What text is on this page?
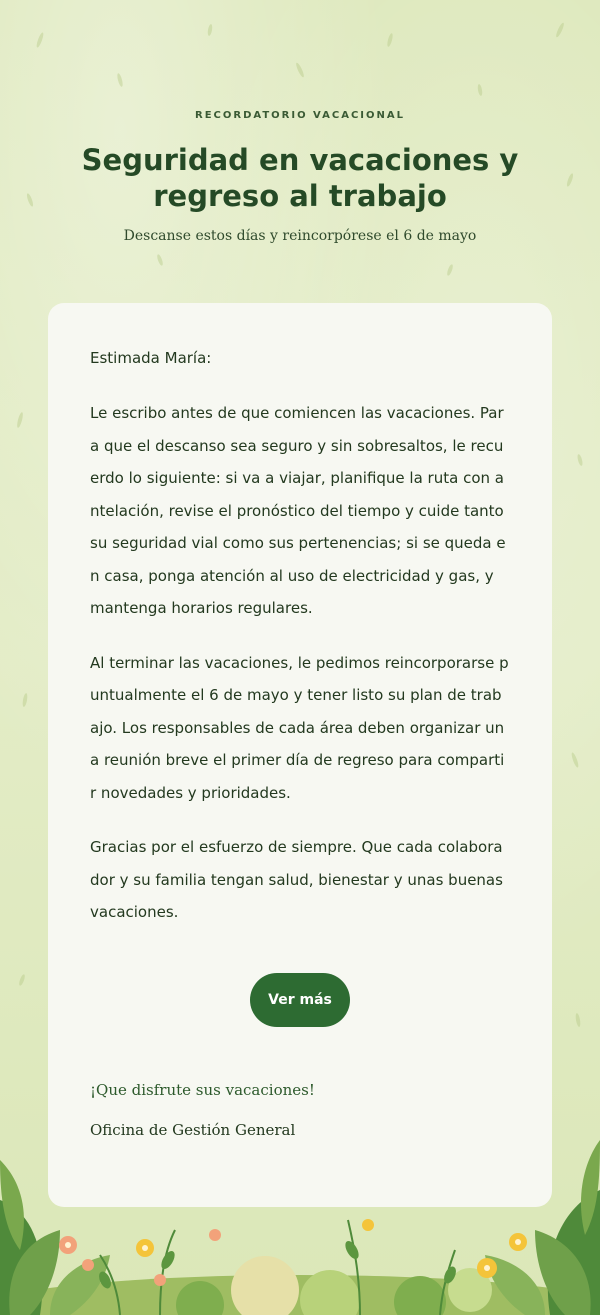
RECORDATORIO VACACIONAL
Seguridad en vacaciones y regreso al trabajo
Descanse estos días y reincorpórese el 6 de mayo
Estimada María:

Le escribo antes de que comiencen las vacaciones. Para que el descanso sea seguro y sin sobresaltos, le recuerdo lo siguiente: si va a viajar, planifique la ruta con antelación, revise el pronóstico del tiempo y cuide tanto su seguridad vial como sus pertenencias; si se queda en casa, ponga atención al uso de electricidad y gas, y mantenga horarios regulares.

Al terminar las vacaciones, le pedimos reincorporarse puntualmente el 6 de mayo y tener listo su plan de trabajo. Los responsables de cada área deben organizar una reunión breve el primer día de regreso para compartir novedades y prioridades.

Gracias por el esfuerzo de siempre. Que cada colaborador y su familia tengan salud, bienestar y unas buenas vacaciones.

Ver más
¡Que disfrute sus vacaciones!
Oficina de Gestión General
